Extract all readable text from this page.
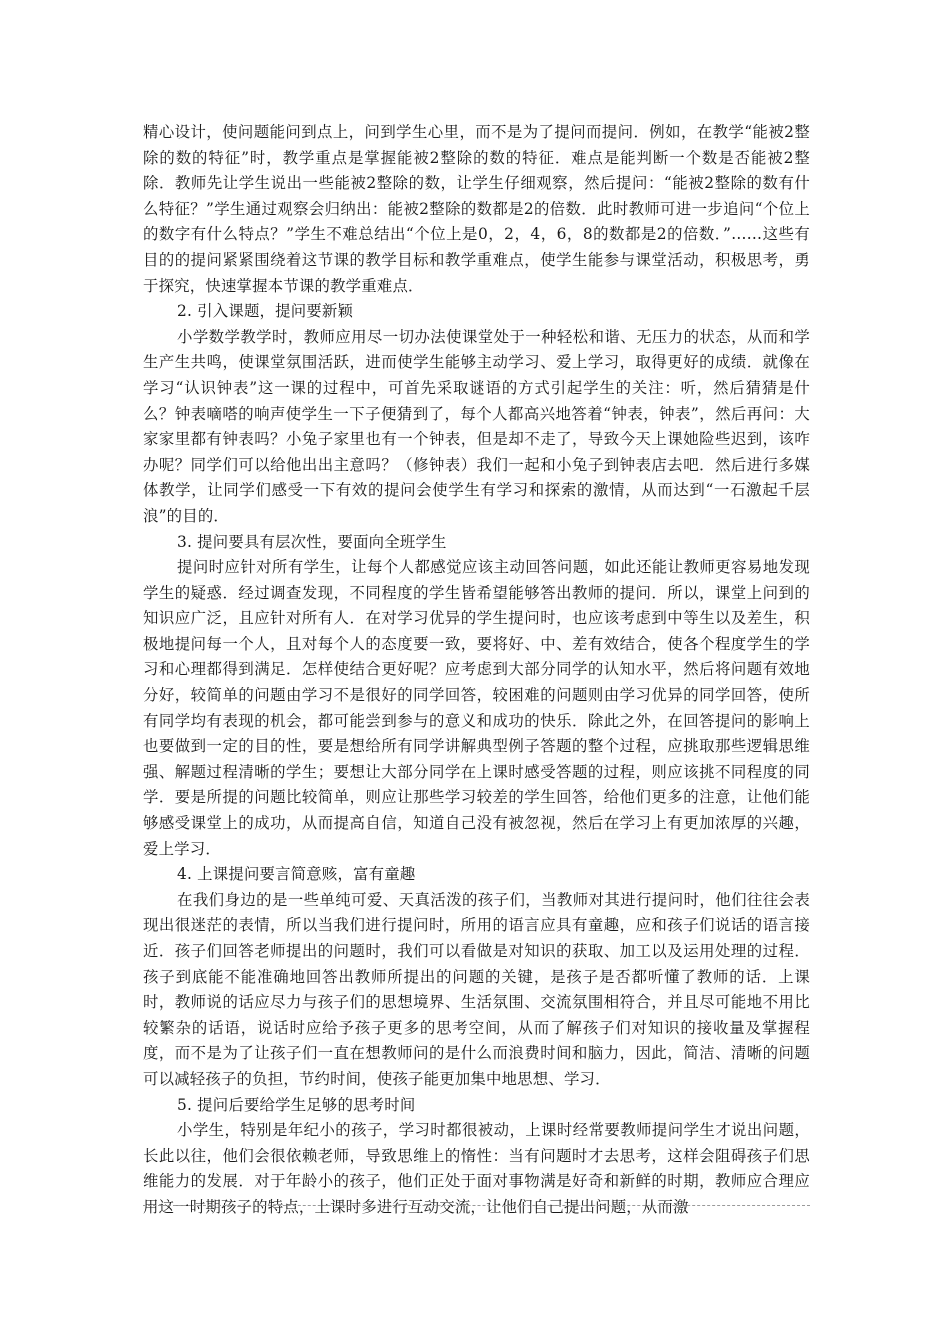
精心设计，使问题能问到点上，问到学生心里，而不是为了提问而提问．例如，在教学“能被2整除的数的特征”时，教学重点是掌握能被2整除的数的特征．难点是能判断一个数是否能被2整除．教师先让学生说出一些能被2整除的数，让学生仔细观察，然后提问：“能被2整除的数有什么特征？”学生通过观察会归纳出：能被2整除的数都是2的倍数．此时教师可进一步追问“个位上的数字有什么特点？”学生不难总结出“个位上是0，2，4，6，8的数都是2的倍数．”……这些有目的的提问紧紧围绕着这节课的教学目标和教学重难点，使学生能参与课堂活动，积极思考，勇于探究，快速掌握本节课的教学重难点．

2. 引入课题，提问要新颖

小学数学教学时，教师应用尽一切办法使课堂处于一种轻松和谐、无压力的状态，从而和学生产生共鸣，使课堂氛围活跃，进而使学生能够主动学习、爱上学习，取得更好的成绩．就像在学习“认识钟表”这一课的过程中，可首先采取谜语的方式引起学生的关注：听，然后猜猜是什么？钟表嘀嗒的响声使学生一下子便猜到了，每个人都高兴地答着“钟表，钟表”，然后再问：大家家里都有钟表吗？小兔子家里也有一个钟表，但是却不走了，导致今天上课她险些迟到，该咋办呢？同学们可以给他出出主意吗？（修钟表）我们一起和小兔子到钟表店去吧．然后进行多媒体教学，让同学们感受一下有效的提问会使学生有学习和探索的激情，从而达到“一石激起千层浪”的目的．

3. 提问要具有层次性，要面向全班学生

提问时应针对所有学生，让每个人都感觉应该主动回答问题，如此还能让教师更容易地发现学生的疑惑．经过调查发现，不同程度的学生皆希望能够答出教师的提问．所以，课堂上问到的知识应广泛，且应针对所有人．在对学习优异的学生提问时，也应该考虑到中等生以及差生，积极地提问每一个人，且对每个人的态度要一致，要将好、中、差有效结合，使各个程度学生的学习和心理都得到满足．怎样使结合更好呢？应考虑到大部分同学的认知水平，然后将问题有效地分好，较简单的问题由学习不是很好的同学回答，较困难的问题则由学习优异的同学回答，使所有同学均有表现的机会，都可能尝到参与的意义和成功的快乐．除此之外，在回答提问的影响上也要做到一定的目的性，要是想给所有同学讲解典型例子答题的整个过程，应挑取那些逻辑思维强、解题过程清晰的学生；要想让大部分同学在上课时感受答题的过程，则应该挑不同程度的同学．要是所提的问题比较简单，则应让那些学习较差的学生回答，给他们更多的注意，让他们能够感受课堂上的成功，从而提高自信，知道自己没有被忽视，然后在学习上有更加浓厚的兴趣，爱上学习．

4. 上课提问要言简意赅，富有童趣

在我们身边的是一些单纯可爱、天真活泼的孩子们，当教师对其进行提问时，他们往往会表现出很迷茫的表情，所以当我们进行提问时，所用的语言应具有童趣，应和孩子们说话的语言接近．孩子们回答老师提出的问题时，我们可以看做是对知识的获取、加工以及运用处理的过程．孩子到底能不能准确地回答出教师所提出的问题的关键，是孩子是否都听懂了教师的话．上课时，教师说的话应尽力与孩子们的思想境界、生活氛围、交流氛围相符合，并且尽可能地不用比较繁杂的话语，说话时应给予孩子更多的思考空间，从而了解孩子们对知识的接收量及掌握程度，而不是为了让孩子们一直在想教师问的是什么而浪费时间和脑力，因此，简洁、清晰的问题可以减轻孩子的负担，节约时间，使孩子能更加集中地思想、学习．

5. 提问后要给学生足够的思考时间

小学生，特别是年纪小的孩子，学习时都很被动，上课时经常要教师提问学生才说出问题，长此以往，他们会很依赖老师，导致思维上的惰性：当有问题时才去思考，这样会阻碍孩子们思维能力的发展．对于年龄小的孩子，他们正处于面对事物满是好奇和新鲜的时期，教师应合理应用这一时期孩子的特点，上课时多进行互动交流，让他们自己提出问题，从而激
